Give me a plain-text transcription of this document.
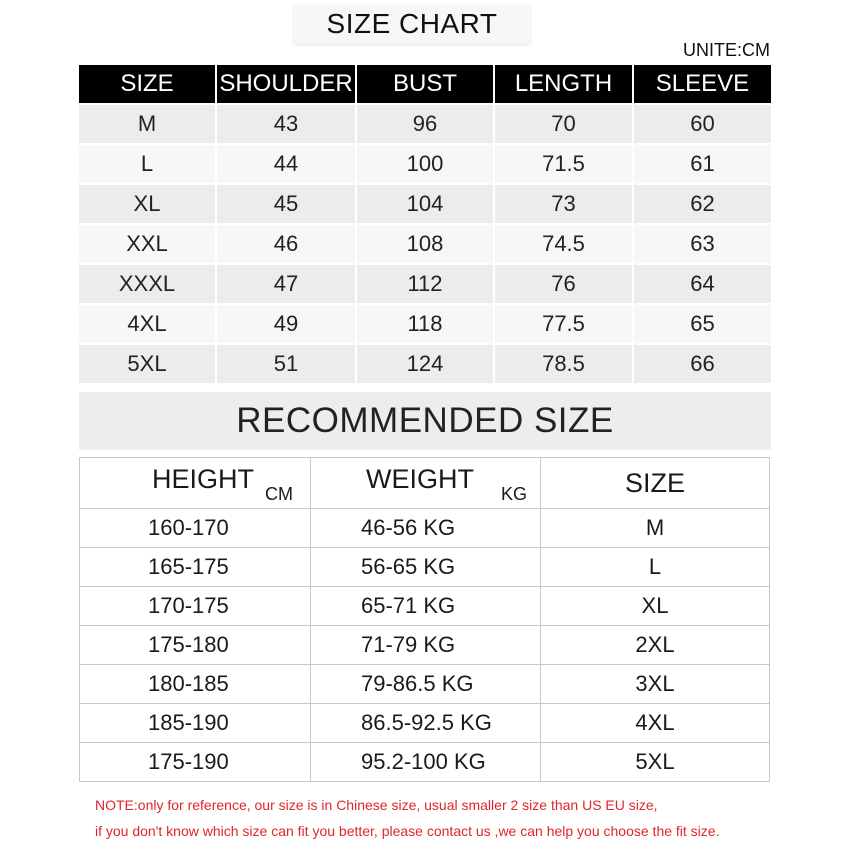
SIZE CHART
UNITE:CM
SIZE	SHOULDER	BUST	LENGTH	SLEEVE
M	43	96	70	60
L	44	100	71.5	61
XL	45	104	73	62
XXL	46	108	74.5	63
XXXL	47	112	76	64
4XL	49	118	77.5	65
5XL	51	124	78.5	66
RECOMMENDED SIZE
HEIGHT CM	WEIGHT KG	SIZE
160-170	46-56 KG	M
165-175	56-65 KG	L
170-175	65-71 KG	XL
175-180	71-79 KG	2XL
180-185	79-86.5 KG	3XL
185-190	86.5-92.5 KG	4XL
175-190	95.2-100 KG	5XL
NOTE:only for reference, our size is in Chinese size, usual smaller 2 size than US EU size,
if you don't know which size can fit you better, please contact us ,we can help you choose the fit size.
